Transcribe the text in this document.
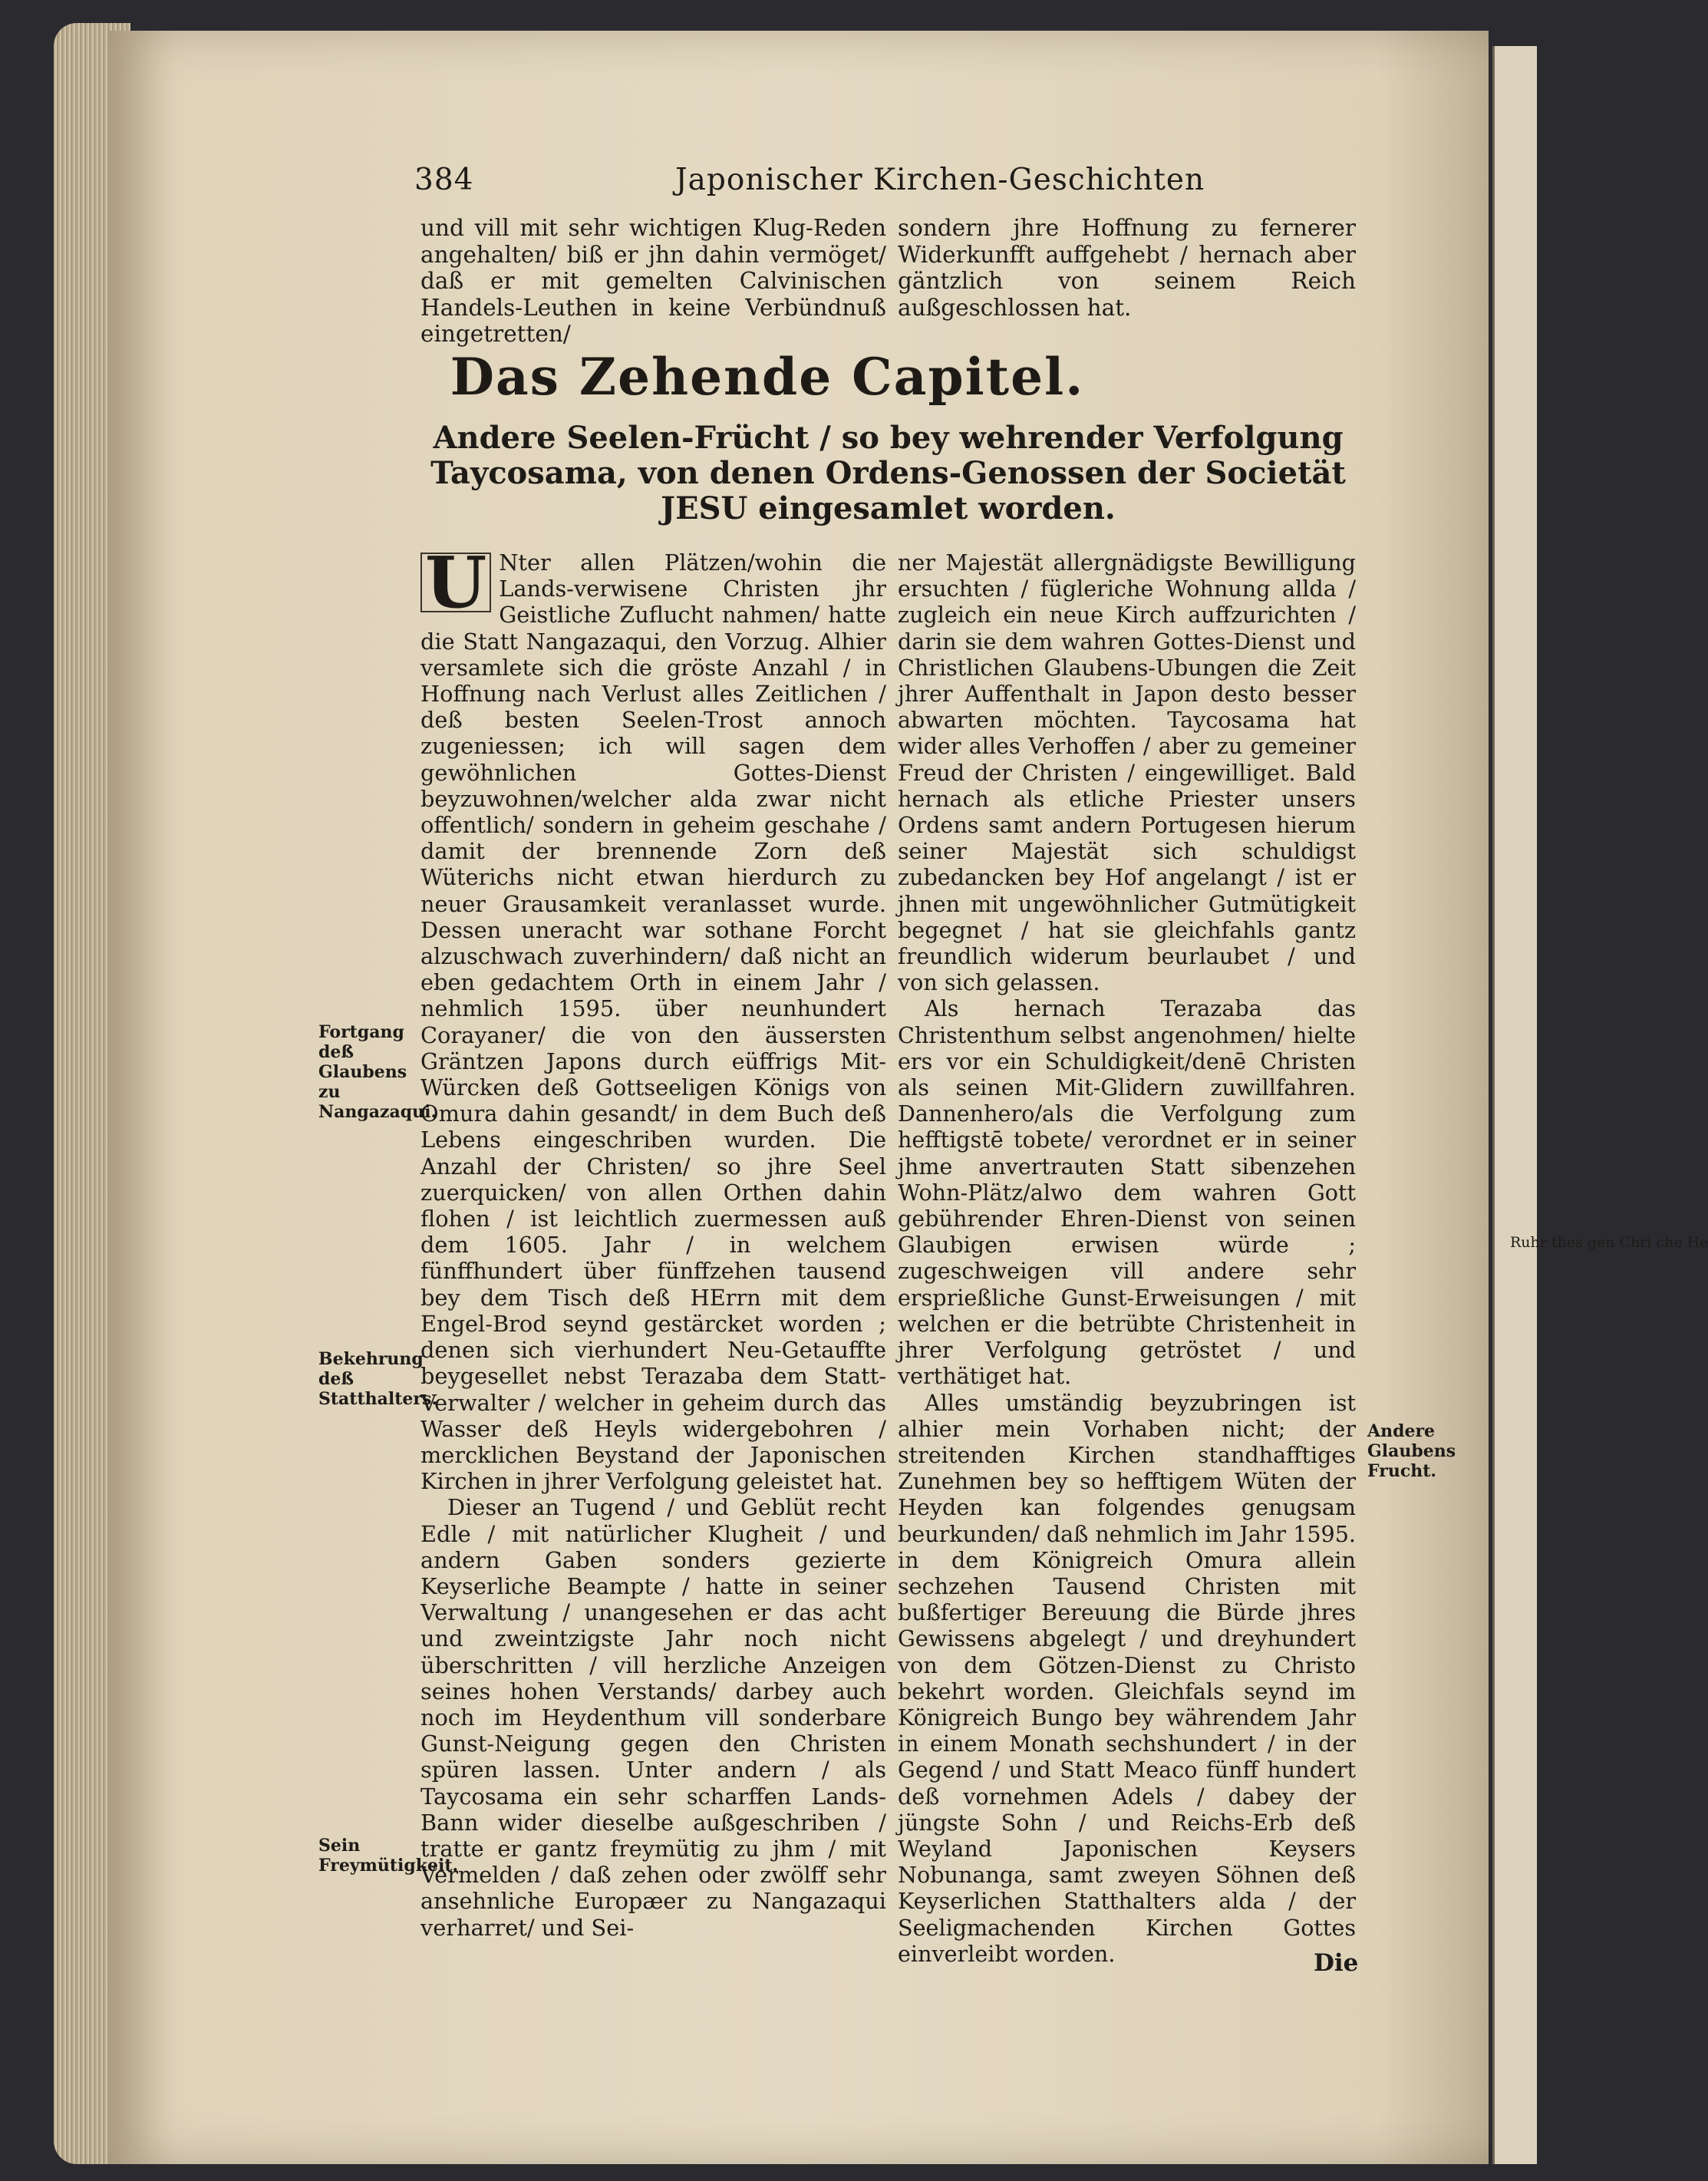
Ruhr thes gen Chri che He
384	Japonischer Kirchen-Geschichten

und vill mit sehr wichtigen Klug-Reden angehalten/ biß er jhn dahin vermöget/ daß er mit gemelten Calvinischen Handels-Leuthen in keine Verbündnuß eingetretten/

sondern jhre Hoffnung zu fernerer Widerkunfft auffgehebt / hernach aber gäntzlich von seinem Reich außgeschlossen hat.

Das Zehende Capitel.
Andere Seelen-Frücht / so bey wehrender Verfolgung Taycosama, von denen Ordens-Genossen der Societät JESU eingesamlet worden.

U Nter allen Plätzen/wohin die Lands-verwisene Christen jhr Geistliche Zuflucht nahmen/ hatte die Statt Nangazaqui, den Vorzug. Alhier versamlete sich die gröste Anzahl / in Hoffnung nach Verlust alles Zeitlichen / deß besten Seelen-Trost annoch zugeniessen; ich will sagen dem gewöhnlichen Gottes-Dienst beyzuwohnen/welcher alda zwar nicht offentlich/ sondern in geheim geschahe / damit der brennende Zorn deß Wüterichs nicht etwan hierdurch zu neuer Grausamkeit veranlasset wurde. Dessen uneracht war sothane Forcht alzuschwach zuverhindern/ daß nicht an eben gedachtem Orth in einem Jahr / nehmlich 1595. über neunhundert Corayaner/ die von den äussersten Gräntzen Japons durch eüffrigs Mit-Würcken deß Gottseeligen Königs von Omura dahin gesandt/ in dem Buch deß Lebens eingeschriben wurden. Die Anzahl der Christen/ so jhre Seel zuerquicken/ von allen Orthen dahin flohen / ist leichtlich zuermessen auß dem 1605. Jahr / in welchem fünffhundert über fünffzehen tausend bey dem Tisch deß HErrn mit dem Engel-Brod seynd gestärcket worden ; denen sich vierhundert Neu-Getauffte beygesellet nebst Terazaba dem Statt-Verwalter / welcher in geheim durch das Wasser deß Heyls widergebohren / mercklichen Beystand der Japonischen Kirchen in jhrer Verfolgung geleistet hat.

Dieser an Tugend / und Geblüt recht Edle / mit natürlicher Klugheit / und andern Gaben sonders gezierte Keyserliche Beampte / hatte in seiner Verwaltung / unangesehen er das acht und zweintzigste Jahr noch nicht überschritten / vill herzliche Anzeigen seines hohen Verstands/ darbey auch noch im Heydenthum vill sonderbare Gunst-Neigung gegen den Christen spüren lassen. Unter andern / als Taycosama ein sehr scharffen Lands-Bann wider dieselbe außgeschriben / tratte er gantz freymütig zu jhm / mit Vermelden / daß zehen oder zwölff sehr ansehnliche Europæer zu Nangazaqui verharret/ und Sei-

ner Majestät allergnädigste Bewilligung ersuchten / fügleriche Wohnung allda / zugleich ein neue Kirch auffzurichten / darin sie dem wahren Gottes-Dienst und Christlichen Glaubens-Ubungen die Zeit jhrer Auffenthalt in Japon desto besser abwarten möchten. Taycosama hat wider alles Verhoffen / aber zu gemeiner Freud der Christen / eingewilliget. Bald hernach als etliche Priester unsers Ordens samt andern Portugesen hierum seiner Majestät sich schuldigst zubedancken bey Hof angelangt / ist er jhnen mit ungewöhnlicher Gutmütigkeit begegnet / hat sie gleichfahls gantz freundlich widerum beurlaubet / und von sich gelassen.

Als hernach Terazaba das Christenthum selbst angenohmen/ hielte ers vor ein Schuldigkeit/denē Christen als seinen Mit-Glidern zuwillfahren. Dannenhero/als die Verfolgung zum hefftigstē tobete/ verordnet er in seiner jhme anvertrauten Statt sibenzehen Wohn-Plätz/alwo dem wahren Gott gebührender Ehren-Dienst von seinen Glaubigen erwisen würde ; zugeschweigen vill andere sehr ersprießliche Gunst-Erweisungen / mit welchen er die betrübte Christenheit in jhrer Verfolgung getröstet / und verthätiget hat.

Alles umständig beyzubringen ist alhier mein Vorhaben nicht; der streitenden Kirchen standhafftiges Zunehmen bey so hefftigem Wüten der Heyden kan folgendes genugsam beurkunden/ daß nehmlich im Jahr 1595. in dem Königreich Omura allein sechzehen Tausend Christen mit bußfertiger Bereuung die Bürde jhres Gewissens abgelegt / und dreyhundert von dem Götzen-Dienst zu Christo bekehrt worden. Gleichfals seynd im Königreich Bungo bey währendem Jahr in einem Monath sechshundert / in der Gegend / und Statt Meaco fünff hundert deß vornehmen Adels / dabey der jüngste Sohn / und Reichs-Erb deß Weyland Japonischen Keysers Nobunanga, samt zweyen Söhnen deß Keyserlichen Statthalters alda / der Seeligmachenden Kirchen Gottes einverleibt worden.	Die
Fortgang deß Glaubens zu Nangazaqui.
Bekehrung deß Statthalters.
Sein Freymütigkeit.
Andere Glaubens Frucht.
